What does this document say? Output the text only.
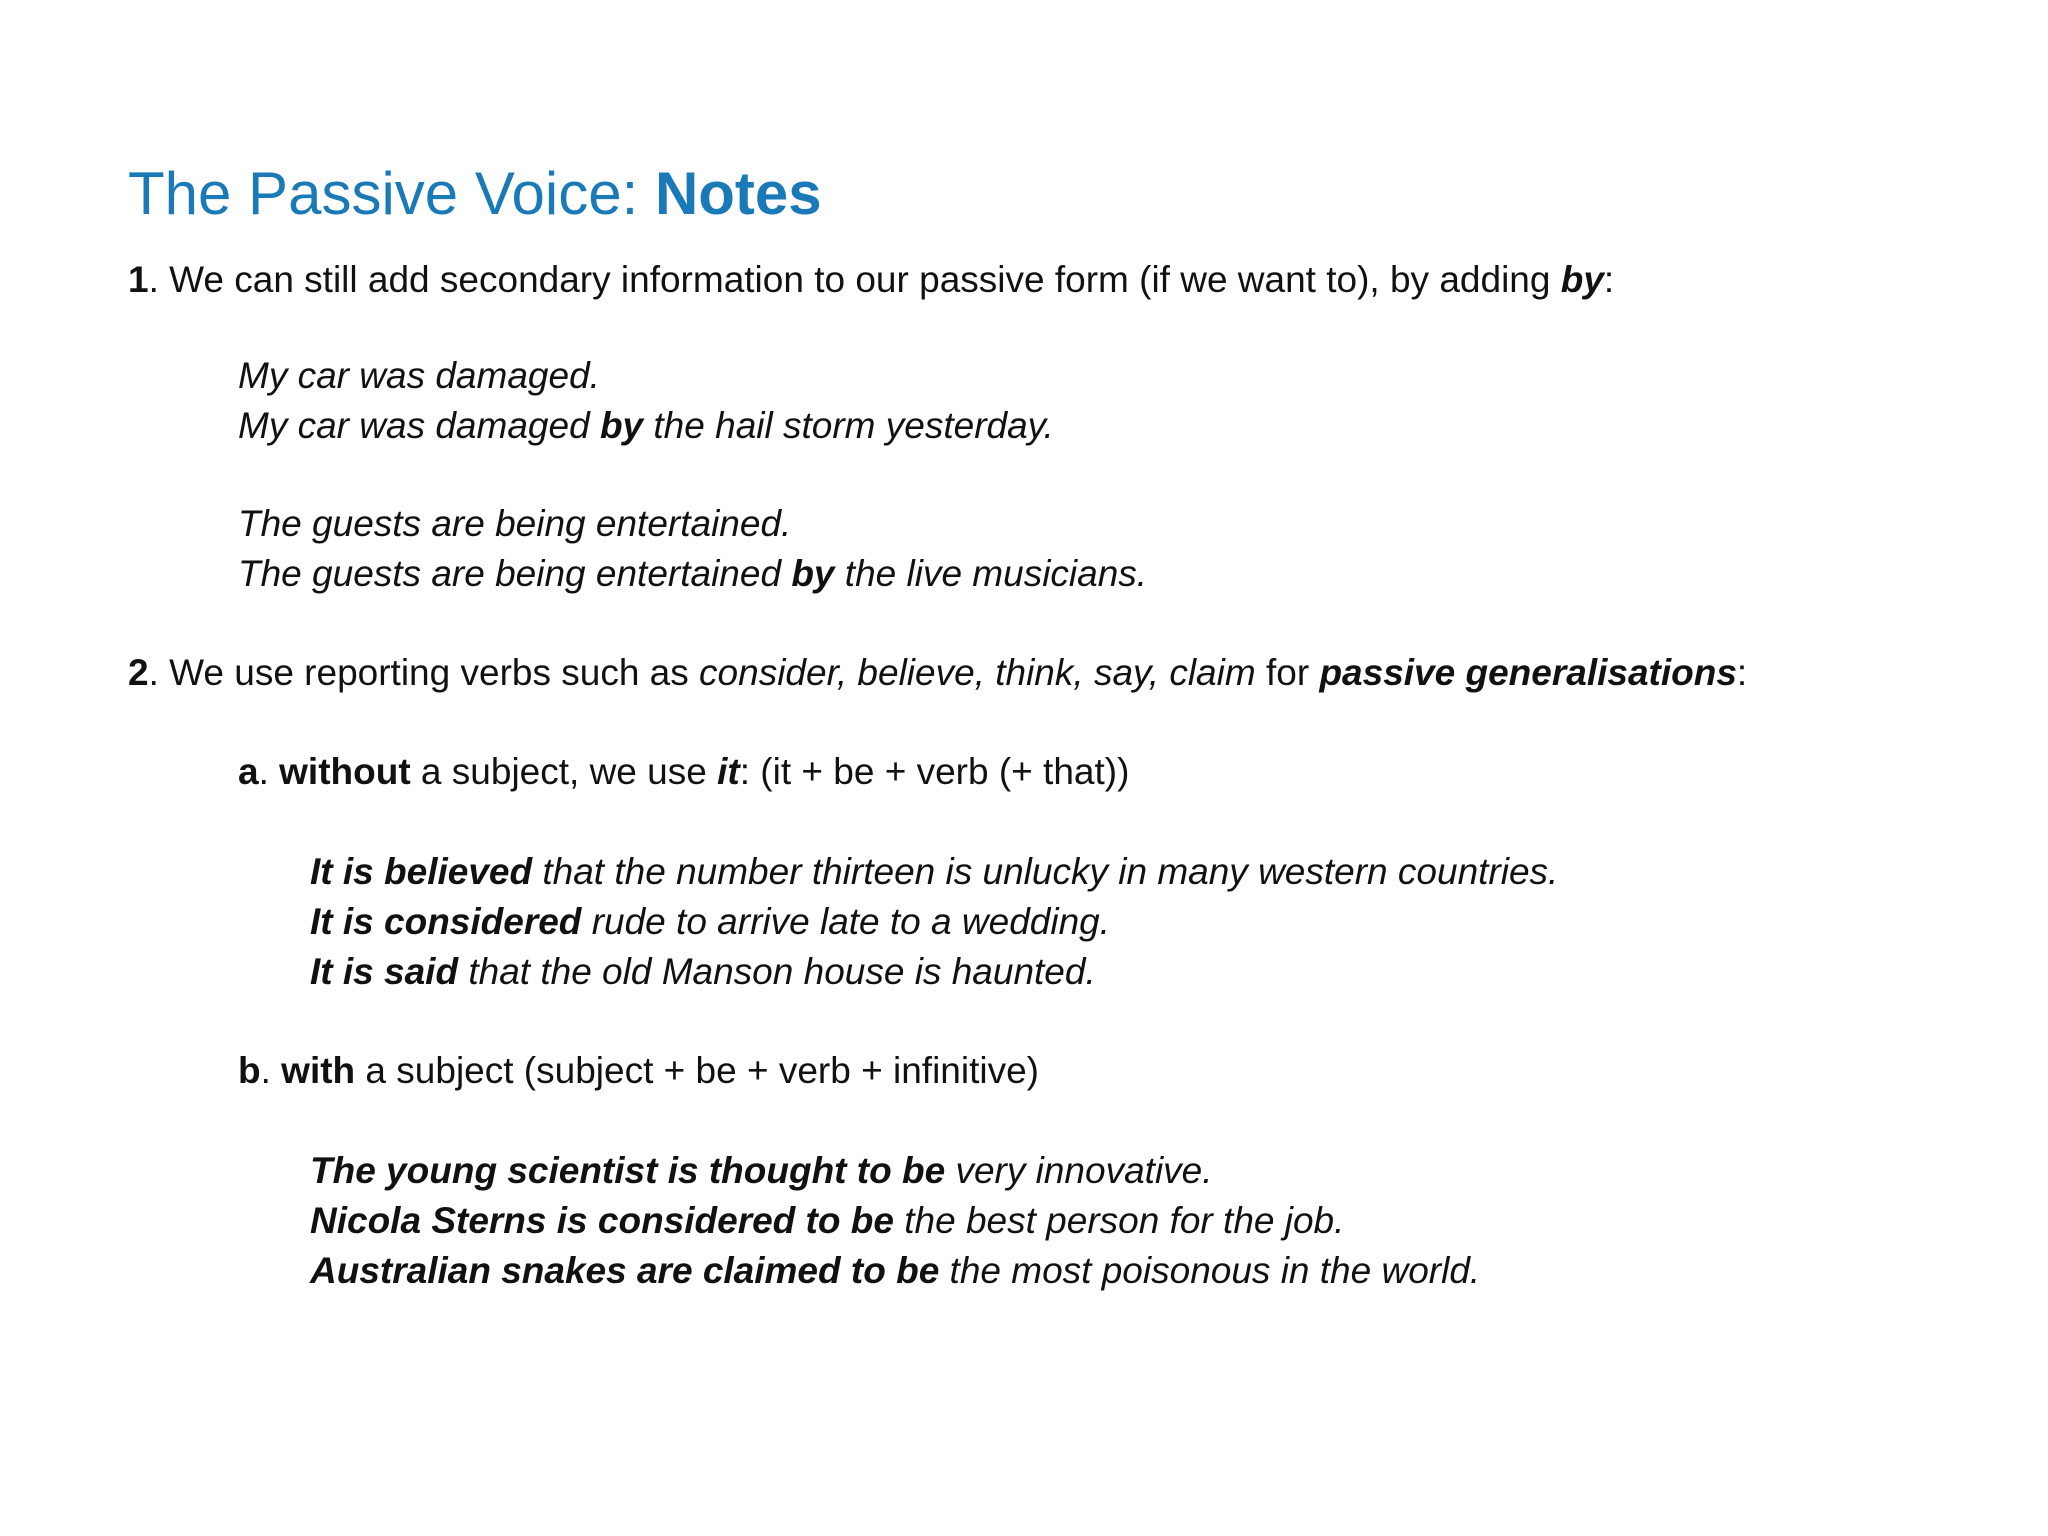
The Passive Voice: Notes

1. We can still add secondary information to our passive form (if we want to), by adding by:

My car was damaged.

My car was damaged by the hail storm yesterday.

The guests are being entertained.

The guests are being entertained by the live musicians.

2. We use reporting verbs such as consider, believe, think, say, claim for passive generalisations:

a. without a subject, we use it: (it + be + verb (+ that))

It is believed that the number thirteen is unlucky in many western countries.

It is considered rude to arrive late to a wedding.

It is said that the old Manson house is haunted.

b. with a subject (subject + be + verb + infinitive)

The young scientist is thought to be very innovative.

Nicola Sterns is considered to be the best person for the job.

Australian snakes are claimed to be the most poisonous in the world.
